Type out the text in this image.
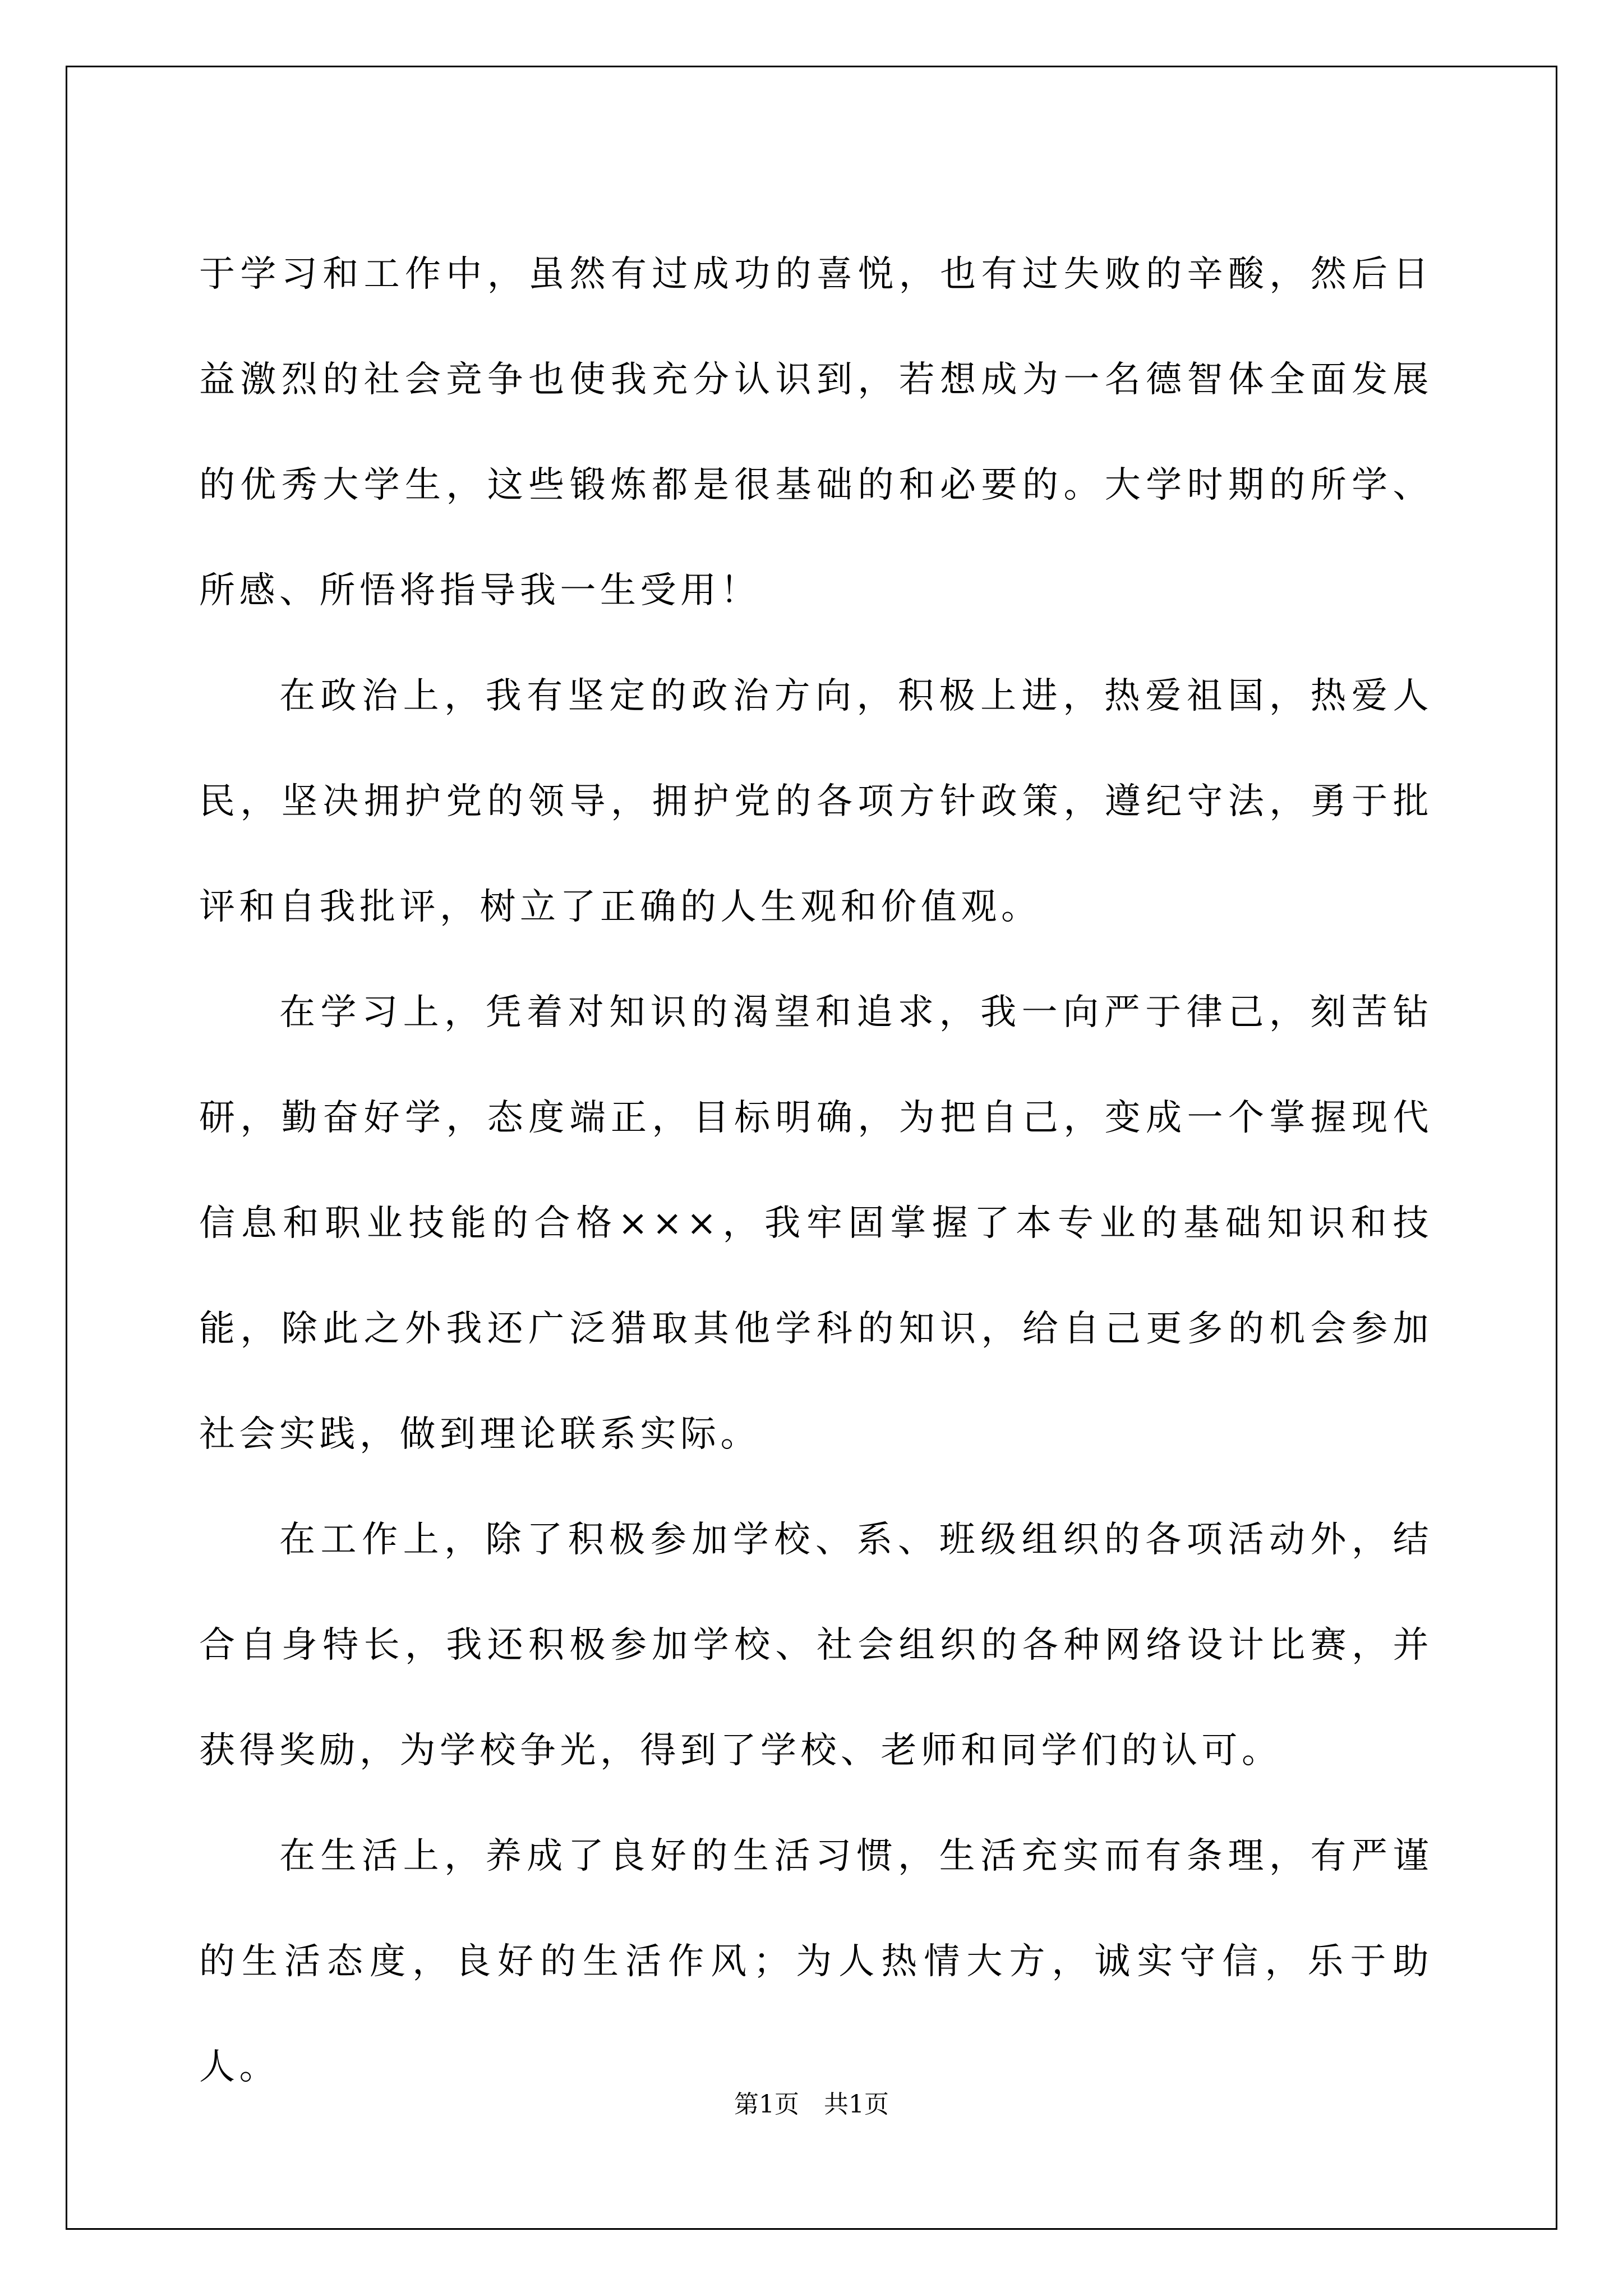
于学习和工作中，虽然有过成功的喜悦，也有过失败的辛酸，然后日益激烈的社会竞争也使我充分认识到，若想成为一名德智体全面发展的优秀大学生，这些锻炼都是很基础的和必要的。大学时期的所学、所感、所悟将指导我一生受用！

在政治上，我有坚定的政治方向，积极上进，热爱祖国，热爱人民，坚决拥护党的领导，拥护党的各项方针政策，遵纪守法，勇于批评和自我批评，树立了正确的人生观和价值观。

在学习上，凭着对知识的渴望和追求，我一向严于律己，刻苦钻研，勤奋好学，态度端正，目标明确，为把自己，变成一个掌握现代信息和职业技能的合格×××，我牢固掌握了本专业的基础知识和技能，除此之外我还广泛猎取其他学科的知识，给自己更多的机会参加社会实践，做到理论联系实际。

在工作上，除了积极参加学校、系、班级组织的各项活动外，结合自身特长，我还积极参加学校、社会组织的各种网络设计比赛，并获得奖励，为学校争光，得到了学校、老师和同学们的认可。

在生活上，养成了良好的生活习惯，生活充实而有条理，有严谨的生活态度，良好的生活作风；为人热情大方，诚实守信，乐于助人。

第1页 共1页
